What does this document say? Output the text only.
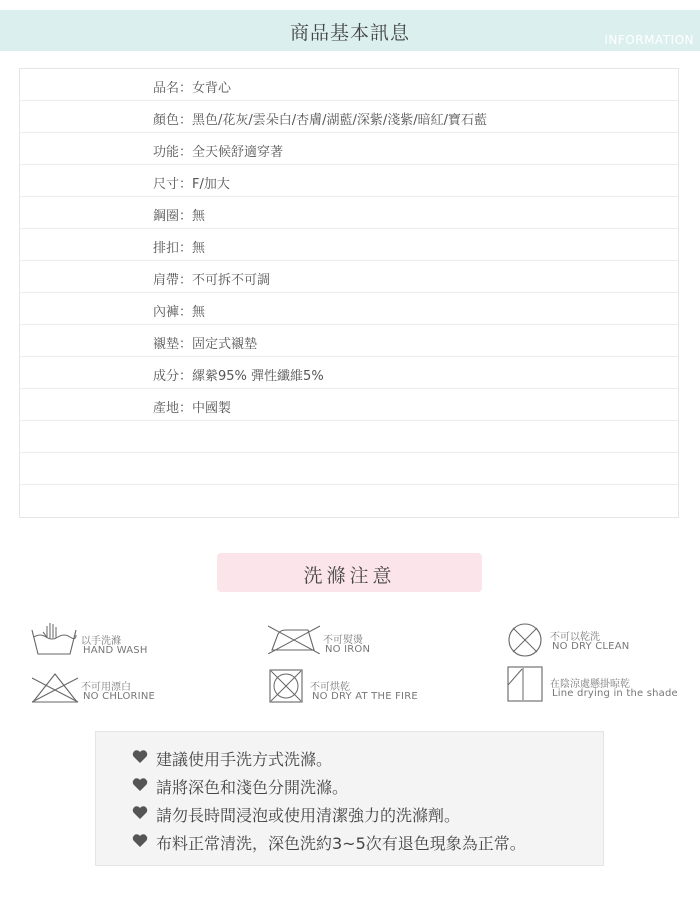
商品基本訊息	INFORMATION
品名：女背心
顏色：黑色/花灰/雲朵白/杏膚/湖藍/深紫/淺紫/暗紅/寶石藍
功能：全天候舒適穿著
尺寸：F/加大
鋼圈：無
排扣：無
肩帶：不可拆不可調
內褲：無
襯墊：固定式襯墊
成分：縲縈95% 彈性纖維5%
產地：中國製
洗滌注意
以手洗滌
HAND WASH
不可熨燙
NO IRON
不可以乾洗
NO DRY CLEAN
不可用漂白
NO CHLORINE
不可烘乾
NO DRY AT THE FIRE
在陰涼處懸掛晾乾
Line drying in the shade
建議使用手洗方式洗滌。
請將深色和淺色分開洗滌。
請勿長時間浸泡或使用清潔強力的洗滌劑。
布料正常清洗，深色洗約3~5次有退色現象為正常。
